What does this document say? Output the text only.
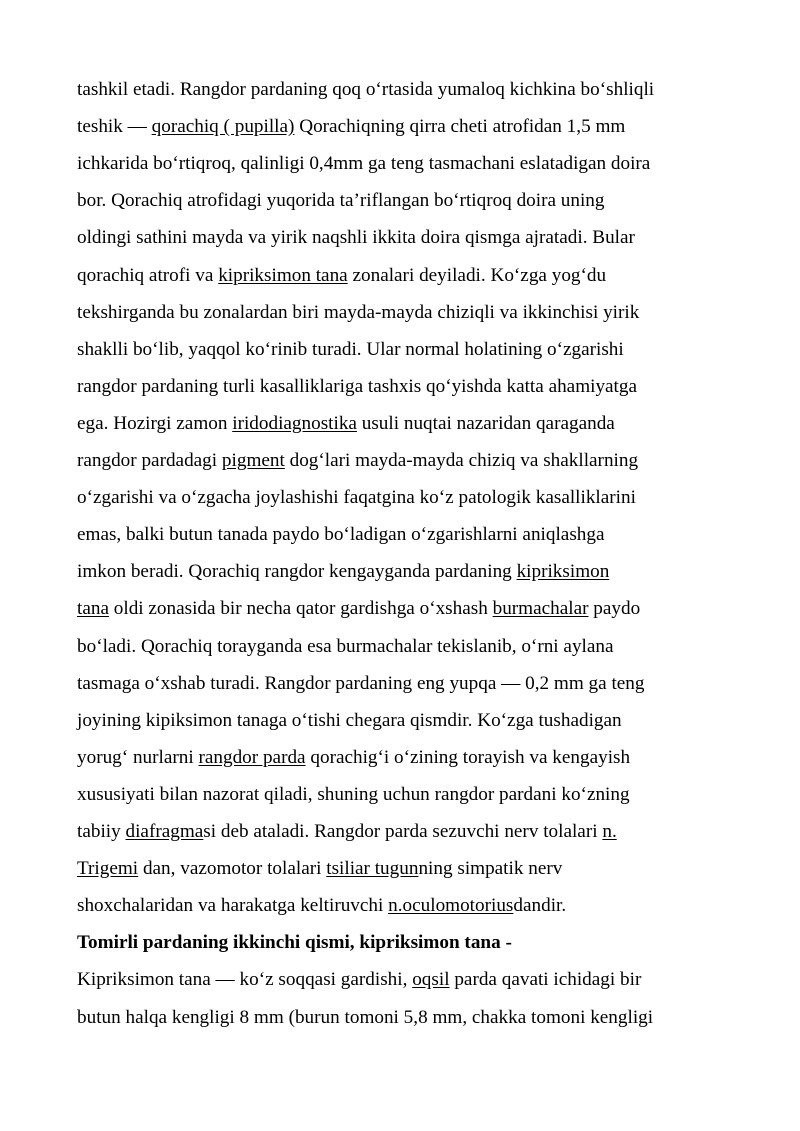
tashkil etadi. Rangdor pardaning qoq o‘rtasida yumaloq kichkina bo‘shliqli
teshik — qorachiq ( pupilla) Qorachiqning qirra cheti atrofidan 1,5 mm
ichkarida bo‘rtiqroq, qalinligi 0,4mm ga teng tasmachani eslatadigan doira
bor. Qorachiq atrofidagi yuqorida ta’riflangan bo‘rtiqroq doira uning
oldingi sathini mayda va yirik naqshli ikkita doira qismga ajratadi. Bular
qorachiq atrofi va kipriksimon tana zonalari deyiladi. Ko‘zga yog‘du
tekshirganda bu zonalardan biri mayda-mayda chiziqli va ikkinchisi yirik
shaklli bo‘lib, yaqqol ko‘rinib turadi. Ular normal holatining o‘zgarishi
rangdor pardaning turli kasalliklariga tashxis qo‘yishda katta ahamiyatga
ega. Hozirgi zamon iridodiagnostika usuli nuqtai nazaridan qaraganda
rangdor pardadagi pigment dog‘lari mayda-mayda chiziq va shakllarning
o‘zgarishi va o‘zgacha joylashishi faqatgina ko‘z patologik kasalliklarini
emas, balki butun tanada paydo bo‘ladigan o‘zgarishlarni aniqlashga
imkon beradi. Qorachiq rangdor kengayganda pardaning kipriksimon
tana oldi zonasida bir necha qator gardishga o‘xshash burmachalar paydo
bo‘ladi. Qorachiq torayganda esa burmachalar tekislanib, o‘rni aylana
tasmaga o‘xshab turadi. Rangdor pardaning eng yupqa — 0,2 mm ga teng
joyining kipiksimon tanaga o‘tishi chegara qismdir. Ko‘zga tushadigan
yorug‘ nurlarni rangdor parda qorachig‘i o‘zining torayish va kengayish
xususiyati bilan nazorat qiladi, shuning uchun rangdor pardani ko‘zning
tabiiy diafragmasi deb ataladi. Rangdor parda sezuvchi nerv tolalari n.
Trigemi dan, vazomotor tolalari tsiliar tugunning simpatik nerv
shoxchalaridan va harakatga keltiruvchi n.oculomotoriusdandir.
Tomirli pardaning ikkinchi qismi, kipriksimon tana -
Kipriksimon tana — ko‘z soqqasi gardishi, oqsil parda qavati ichidagi bir
butun halqa kengligi 8 mm (burun tomoni 5,8 mm, chakka tomoni kengligi
